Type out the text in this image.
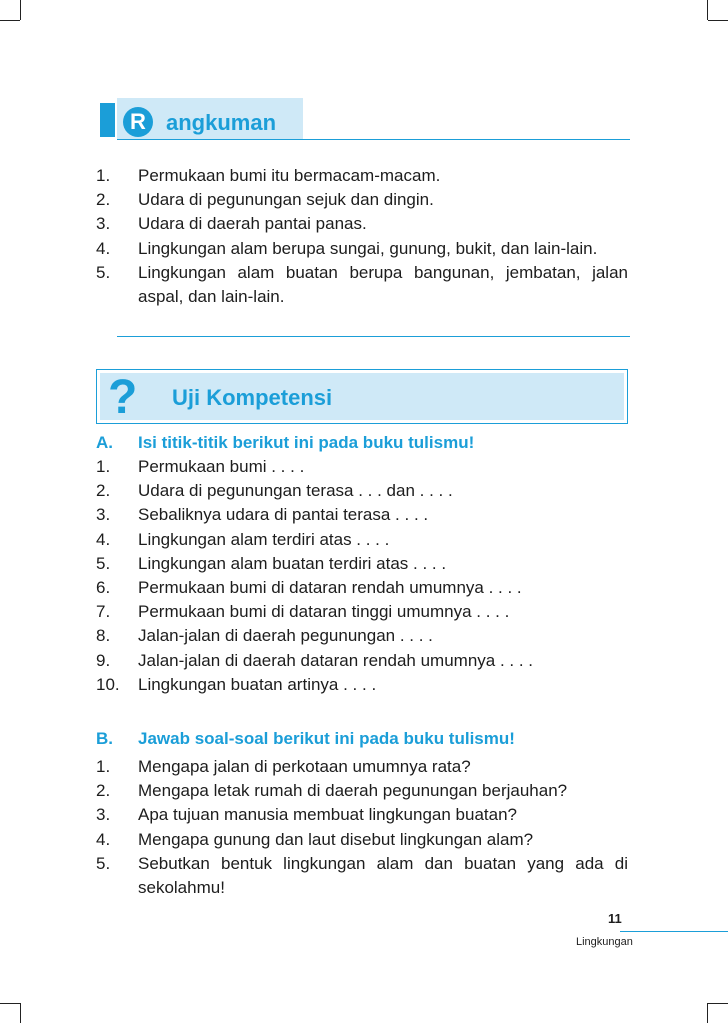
R angkuman
1. Permukaan bumi itu bermacam-macam.
2. Udara di pegunungan sejuk dan dingin.
3. Udara di daerah pantai panas.
4. Lingkungan alam berupa sungai, gunung, bukit, dan lain-lain.
5. Lingkungan alam buatan berupa bangunan, jembatan, jalan aspal, dan lain-lain.
? Uji Kompetensi
A. Isi titik-titik berikut ini pada buku tulismu!
1. Permukaan bumi . . . .
2. Udara di pegunungan terasa . . . dan . . . .
3. Sebaliknya udara di pantai terasa . . . .
4. Lingkungan alam terdiri atas . . . .
5. Lingkungan alam buatan terdiri atas . . . .
6. Permukaan bumi di dataran rendah umumnya . . . .
7. Permukaan bumi di dataran tinggi umumnya . . . .
8. Jalan-jalan di daerah pegunungan . . . .
9. Jalan-jalan di daerah dataran rendah umumnya . . . .
10. Lingkungan buatan artinya . . . .
B. Jawab soal-soal berikut ini pada buku tulismu!
1. Mengapa jalan di perkotaan umumnya rata?
2. Mengapa letak rumah di daerah pegunungan berjauhan?
3. Apa tujuan manusia membuat lingkungan buatan?
4. Mengapa gunung dan laut disebut lingkungan alam?
5. Sebutkan bentuk lingkungan alam dan buatan yang ada di sekolahmu!
11
Lingkungan
